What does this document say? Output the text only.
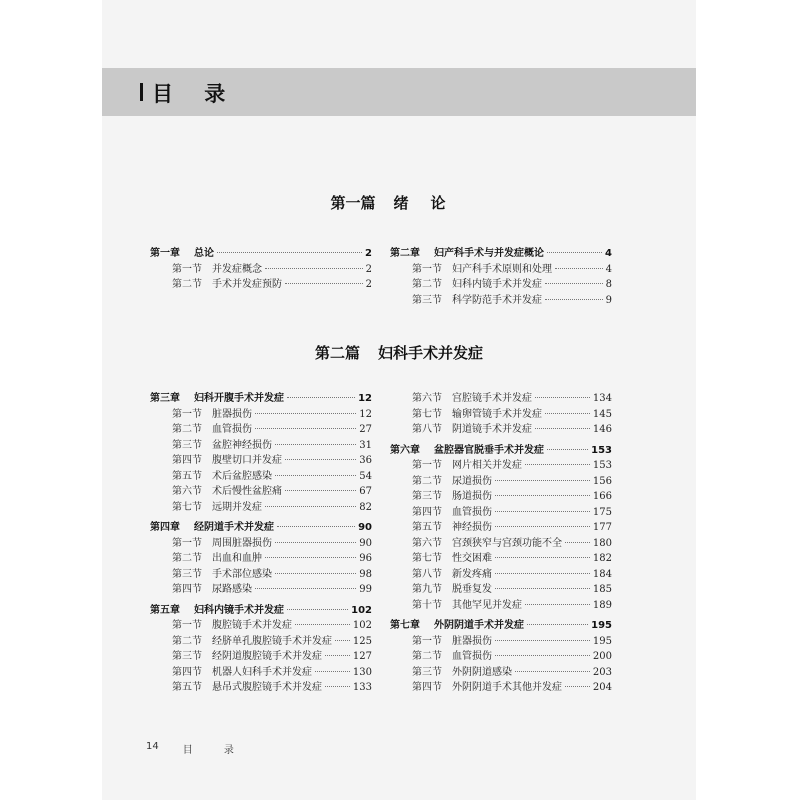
目 录
第一篇 绪论
第一章	总论	2
第一节	并发症概念	2
第二节	手术并发症预防	2
第二章	妇产科手术与并发症概论	4
第一节	妇产科手术原则和处理	4
第二节	妇科内镜手术并发症	8
第三节	科学防范手术并发症	9
第二篇 妇科手术并发症
第三章	妇科开腹手术并发症	12
第一节	脏器损伤	12
第二节	血管损伤	27
第三节	盆腔神经损伤	31
第四节	腹壁切口并发症	36
第五节	术后盆腔感染	54
第六节	术后慢性盆腔痛	67
第七节	远期并发症	82
第四章	经阴道手术并发症	90
第一节	周围脏器损伤	90
第二节	出血和血肿	96
第三节	手术部位感染	98
第四节	尿路感染	99
第五章	妇科内镜手术并发症	102
第一节	腹腔镜手术并发症	102
第二节	经脐单孔腹腔镜手术并发症 125
第三节	经阴道腹腔镜手术并发症	127
第四节	机器人妇科手术并发症	130
第五节	悬吊式腹腔镜手术并发症	133
第六节	宫腔镜手术并发症	134
第七节	输卵管镜手术并发症	145
第八节	阴道镜手术并发症	146
第六章	盆腔器官脱垂手术并发症	153
第一节	网片相关并发症	153
第二节	尿道损伤	156
第三节	肠道损伤	166
第四节	血管损伤	175
第五节	神经损伤	177
第六节	宫颈狭窄与宫颈功能不全	180
第七节	性交困难	182
第八节	新发疼痛	184
第九节	脱垂复发	185
第十节	其他罕见并发症	189
第七章	外阴阴道手术并发症	195
第一节	脏器损伤	195
第二节	血管损伤	200
第三节	外阴阴道感染	203
第四节	外阴阴道手术其他并发症	204
14 目 录
